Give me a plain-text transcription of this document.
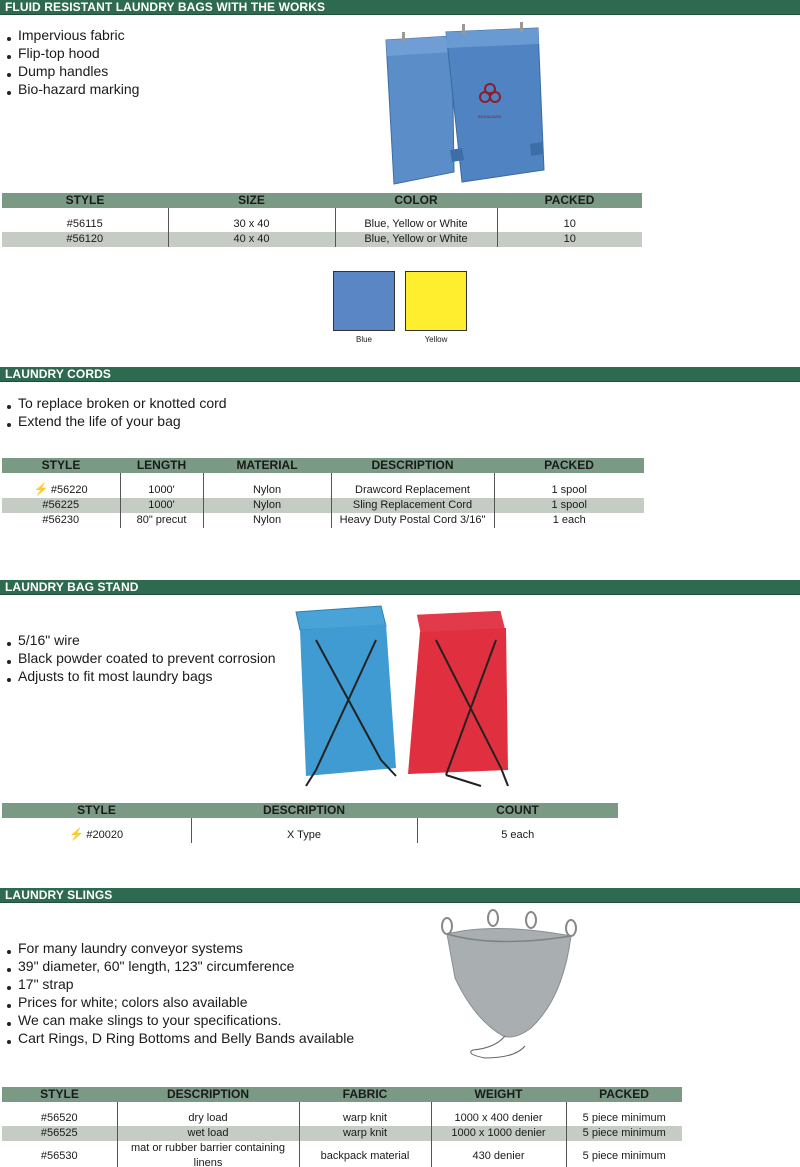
FLUID RESISTANT LAUNDRY BAGS WITH THE WORKS
Impervious fabric
Flip-top hood
Dump handles
Bio-hazard marking
BIOHAZARD
STYLE	SIZE	COLOR	PACKED

#56115	30 x 40	Blue, Yellow or White	10
#56120	40 x 40	Blue, Yellow or White	10
Blue	Yellow
LAUNDRY CORDS
To replace broken or knotted cord
Extend the life of your bag
STYLE	LENGTH	MATERIAL	DESCRIPTION	PACKED

⚡ #56220	1000'	Nylon	Drawcord Replacement	1 spool
#56225	1000'	Nylon	Sling Replacement Cord	1 spool
#56230	80" precut	Nylon	Heavy Duty Postal Cord 3/16"	1 each
LAUNDRY BAG STAND
5/16" wire
Black powder coated to prevent corrosion
Adjusts to fit most laundry bags
STYLE	DESCRIPTION	COUNT

⚡ #20020	X Type	5 each
LAUNDRY SLINGS
For many laundry conveyor systems
39" diameter, 60" length, 123" circumference
17" strap
Prices for white; colors also available
We can make slings to your specifications.
Cart Rings, D Ring Bottoms and Belly Bands available
STYLE	DESCRIPTION	FABRIC	WEIGHT	PACKED

#56520	dry load	warp knit	1000 x 400 denier	5 piece minimum
#56525	wet load	warp knit	1000 x 1000 denier	5 piece minimum
#56530	mat or rubber barrier containing linens	backpack material	430 denier	5 piece minimum
